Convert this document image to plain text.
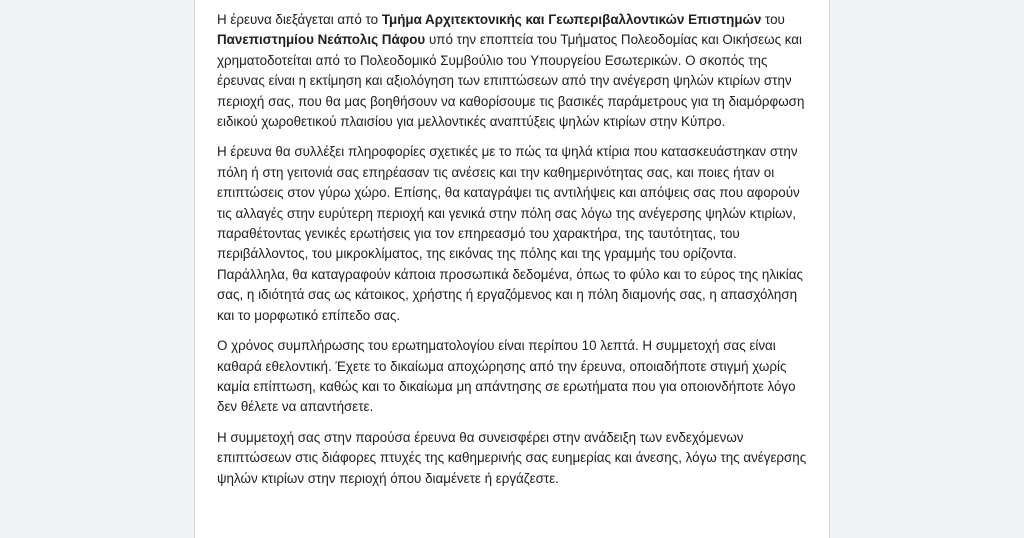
Η έρευνα διεξάγεται από το Τμήμα Αρχιτεκτονικής και Γεωπεριβαλλοντικών Επιστημών του Πανεπιστημίου Νεάπολις Πάφου υπό την εποπτεία του Τμήματος Πολεοδομίας και Οικήσεως και χρηματοδοτείται από το Πολεοδομικό Συμβούλιο του Υπουργείου Εσωτερικών. Ο σκοπός της έρευνας είναι η εκτίμηση και αξιολόγηση των επιπτώσεων από την ανέγερση ψηλών κτιρίων στην περιοχή σας, που θα μας βοηθήσουν να καθορίσουμε τις βασικές παράμετρους για τη διαμόρφωση ειδικού χωροθετικού πλαισίου για μελλοντικές αναπτύξεις ψηλών κτιρίων στην Κύπρο.

Η έρευνα θα συλλέξει πληροφορίες σχετικές με το πώς τα ψηλά κτίρια που κατασκευάστηκαν στην πόλη ή στη γειτονιά σας επηρέασαν τις ανέσεις και την καθημερινότητας σας, και ποιες ήταν οι επιπτώσεις στον γύρω χώρο. Επίσης, θα καταγράψει τις αντιλήψεις και απόψεις σας που αφορούν τις αλλαγές στην ευρύτερη περιοχή και γενικά στην πόλη σας λόγω της ανέγερσης ψηλών κτιρίων, παραθέτοντας γενικές ερωτήσεις για τον επηρεασμό του χαρακτήρα, της ταυτότητας, του περιβάλλοντος, του μικροκλίματος, της εικόνας της πόλης και της γραμμής του ορίζοντα. Παράλληλα, θα καταγραφούν κάποια προσωπικά δεδομένα, όπως το φύλο και το εύρος της ηλικίας σας, η ιδιότητά σας ως κάτοικος, χρήστης ή εργαζόμενος και η πόλη διαμονής σας, η απασχόληση και το μορφωτικό επίπεδο σας.

Ο χρόνος συμπλήρωσης του ερωτηματολογίου είναι περίπου 10 λεπτά. Η συμμετοχή σας είναι καθαρά εθελοντική. Έχετε το δικαίωμα αποχώρησης από την έρευνα, οποιαδήποτε στιγμή χωρίς καμία επίπτωση, καθώς και το δικαίωμα μη απάντησης σε ερωτήματα που για οποιονδήποτε λόγο δεν θέλετε να απαντήσετε.

Η συμμετοχή σας στην παρούσα έρευνα θα συνεισφέρει στην ανάδειξη των ενδεχόμενων επιπτώσεων στις διάφορες πτυχές της καθημερινής σας ευημερίας και άνεσης, λόγω της ανέγερσης ψηλών κτιρίων στην περιοχή όπου διαμένετε ή εργάζεστε.
